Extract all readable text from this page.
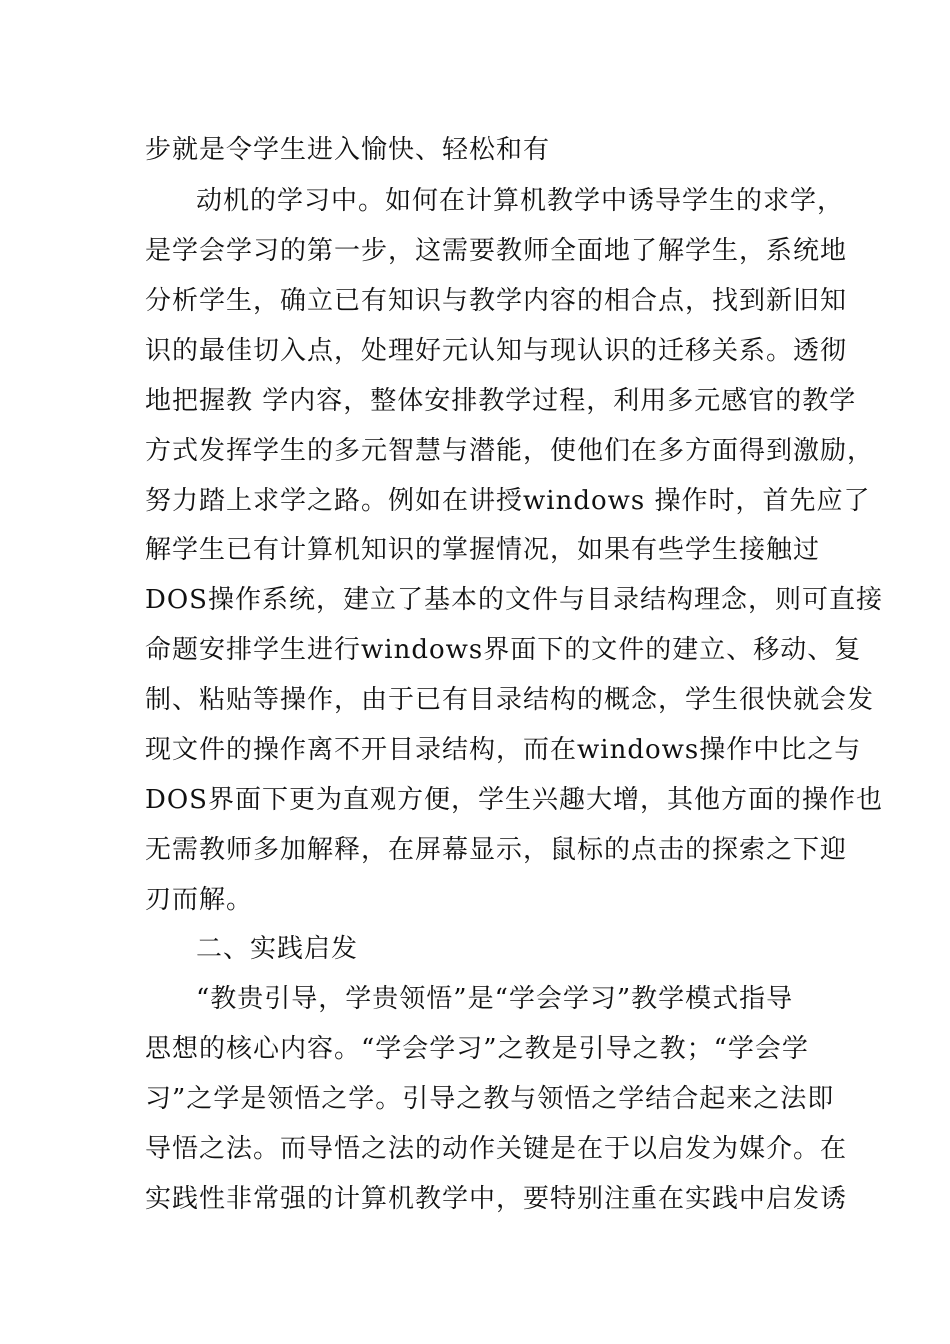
步就是令学生进入愉快、轻松和有
动机的学习中。如何在计算机教学中诱导学生的求学，
是学会学习的第一步，这需要教师全面地了解学生，系统地
分析学生，确立已有知识与教学内容的相合点，找到新旧知
识的最佳切入点，处理好元认知与现认识的迁移关系。透彻
地把握教 学内容，整体安排教学过程，利用多元感官的教学
方式发挥学生的多元智慧与潜能，使他们在多方面得到激励，
努力踏上求学之路。例如在讲授windows 操作时，首先应了
解学生已有计算机知识的掌握情况，如果有些学生接触过
DOS操作系统，建立了基本的文件与目录结构理念，则可直接
命题安排学生进行windows界面下的文件的建立、移动、复
制、粘贴等操作，由于已有目录结构的概念，学生很快就会发
现文件的操作离不开目录结构，而在windows操作中比之与
DOS界面下更为直观方便，学生兴趣大增，其他方面的操作也
无需教师多加解释，在屏幕显示，鼠标的点击的探索之下迎
刃而解。
二、实践启发
“教贵引导，学贵领悟”是“学会学习”教学模式指导
思想的核心内容。“学会学习”之教是引导之教；“学会学
习”之学是领悟之学。引导之教与领悟之学结合起来之法即
导悟之法。而导悟之法的动作关键是在于以启发为媒介。在
实践性非常强的计算机教学中，要特别注重在实践中启发诱
